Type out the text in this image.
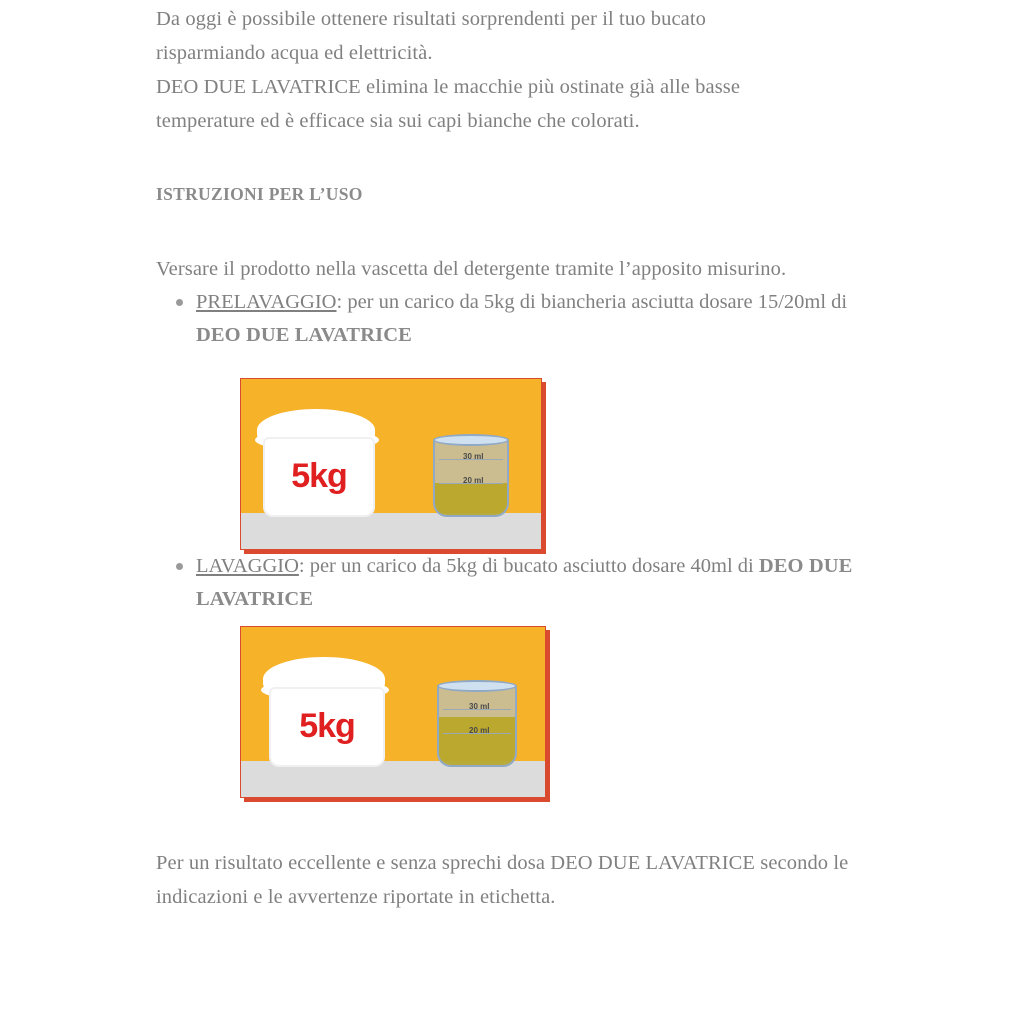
Da oggi è possibile ottenere risultati sorprendenti per il tuo bucato
risparmiando acqua ed elettricità.
DEO DUE LAVATRICE elimina le macchie più ostinate già alle basse
temperature ed è efficace sia sui capi bianche che colorati.

ISTRUZIONI PER L’USO

Versare il prodotto nella vascetta del detergente tramite l’apposito misurino.

PRELAVAGGIO: per un carico da 5kg di biancheria asciutta dosare 15/20ml di DEO DUE LAVATRICE
5kg
30 ml
20 ml
LAVAGGIO: per un carico da 5kg di bucato asciutto dosare 40ml di DEO DUE LAVATRICE
5kg
30 ml
20 ml

Per un risultato eccellente e senza sprechi dosa DEO DUE LAVATRICE secondo le indicazioni e le avvertenze riportate in etichetta.
